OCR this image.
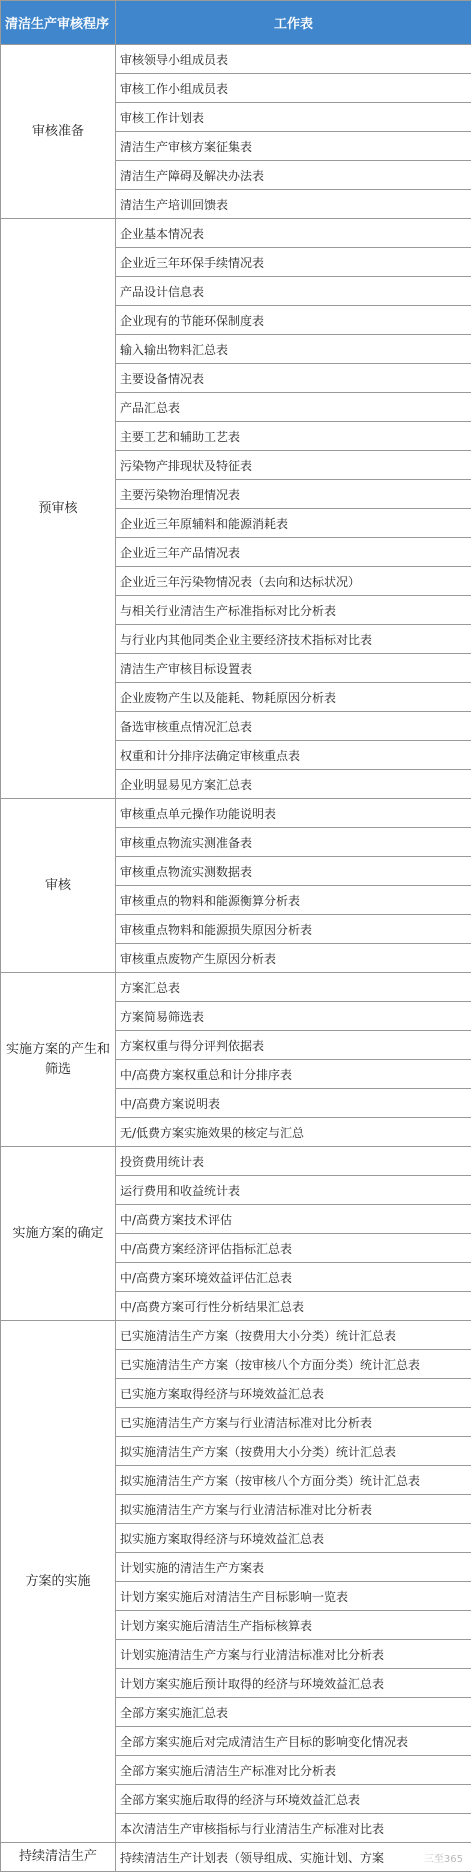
清洁生产审核程序	工作表
审核准备	审核领导小组成员表
	审核工作小组成员表
	审核工作计划表
	清洁生产审核方案征集表
	清洁生产障碍及解决办法表
	清洁生产培训回馈表
预审核	企业基本情况表
	企业近三年环保手续情况表
	产品设计信息表
	企业现有的节能环保制度表
	输入输出物料汇总表
	主要设备情况表
	产品汇总表
	主要工艺和辅助工艺表
	污染物产排现状及特征表
	主要污染物治理情况表
	企业近三年原辅料和能源消耗表
	企业近三年产品情况表
	企业近三年污染物情况表（去向和达标状况）
	与相关行业清洁生产标准指标对比分析表
	与行业内其他同类企业主要经济技术指标对比表
	清洁生产审核目标设置表
	企业废物产生以及能耗、物耗原因分析表
	备选审核重点情况汇总表
	权重和计分排序法确定审核重点表
	企业明显易见方案汇总表
审核	审核重点单元操作功能说明表
	审核重点物流实测准备表
	审核重点物流实测数据表
	审核重点的物料和能源衡算分析表
	审核重点物料和能源损失原因分析表
	审核重点废物产生原因分析表
实施方案的产生和筛选	方案汇总表
	方案简易筛选表
	方案权重与得分评判依据表
	中/高费方案权重总和计分排序表
	中/高费方案说明表
	无/低费方案实施效果的核定与汇总
实施方案的确定	投资费用统计表
	运行费用和收益统计表
	中/高费方案技术评估
	中/高费方案经济评估指标汇总表
	中/高费方案环境效益评估汇总表
	中/高费方案可行性分析结果汇总表
方案的实施	已实施清洁生产方案（按费用大小分类）统计汇总表
	已实施清洁生产方案（按审核八个方面分类）统计汇总表
	已实施方案取得经济与环境效益汇总表
	已实施清洁生产方案与行业清洁标准对比分析表
	拟实施清洁生产方案（按费用大小分类）统计汇总表
	拟实施清洁生产方案（按审核八个方面分类）统计汇总表
	拟实施清洁生产方案与行业清洁标准对比分析表
	拟实施方案取得经济与环境效益汇总表
	计划实施的清洁生产方案表
	计划方案实施后对清洁生产目标影响一览表
	计划方案实施后清洁生产指标核算表
	计划实施清洁生产方案与行业清洁标准对比分析表
	计划方案实施后预计取得的经济与环境效益汇总表
	全部方案实施汇总表
	全部方案实施后对完成清洁生产目标的影响变化情况表
	全部方案实施后清洁生产标准对比分析表
	全部方案实施后取得的经济与环境效益汇总表
	本次清洁生产审核指标与行业清洁生产标准对比表
持续清洁生产	持续清洁生产计划表（领导组成、实施计划、方案	三至365
